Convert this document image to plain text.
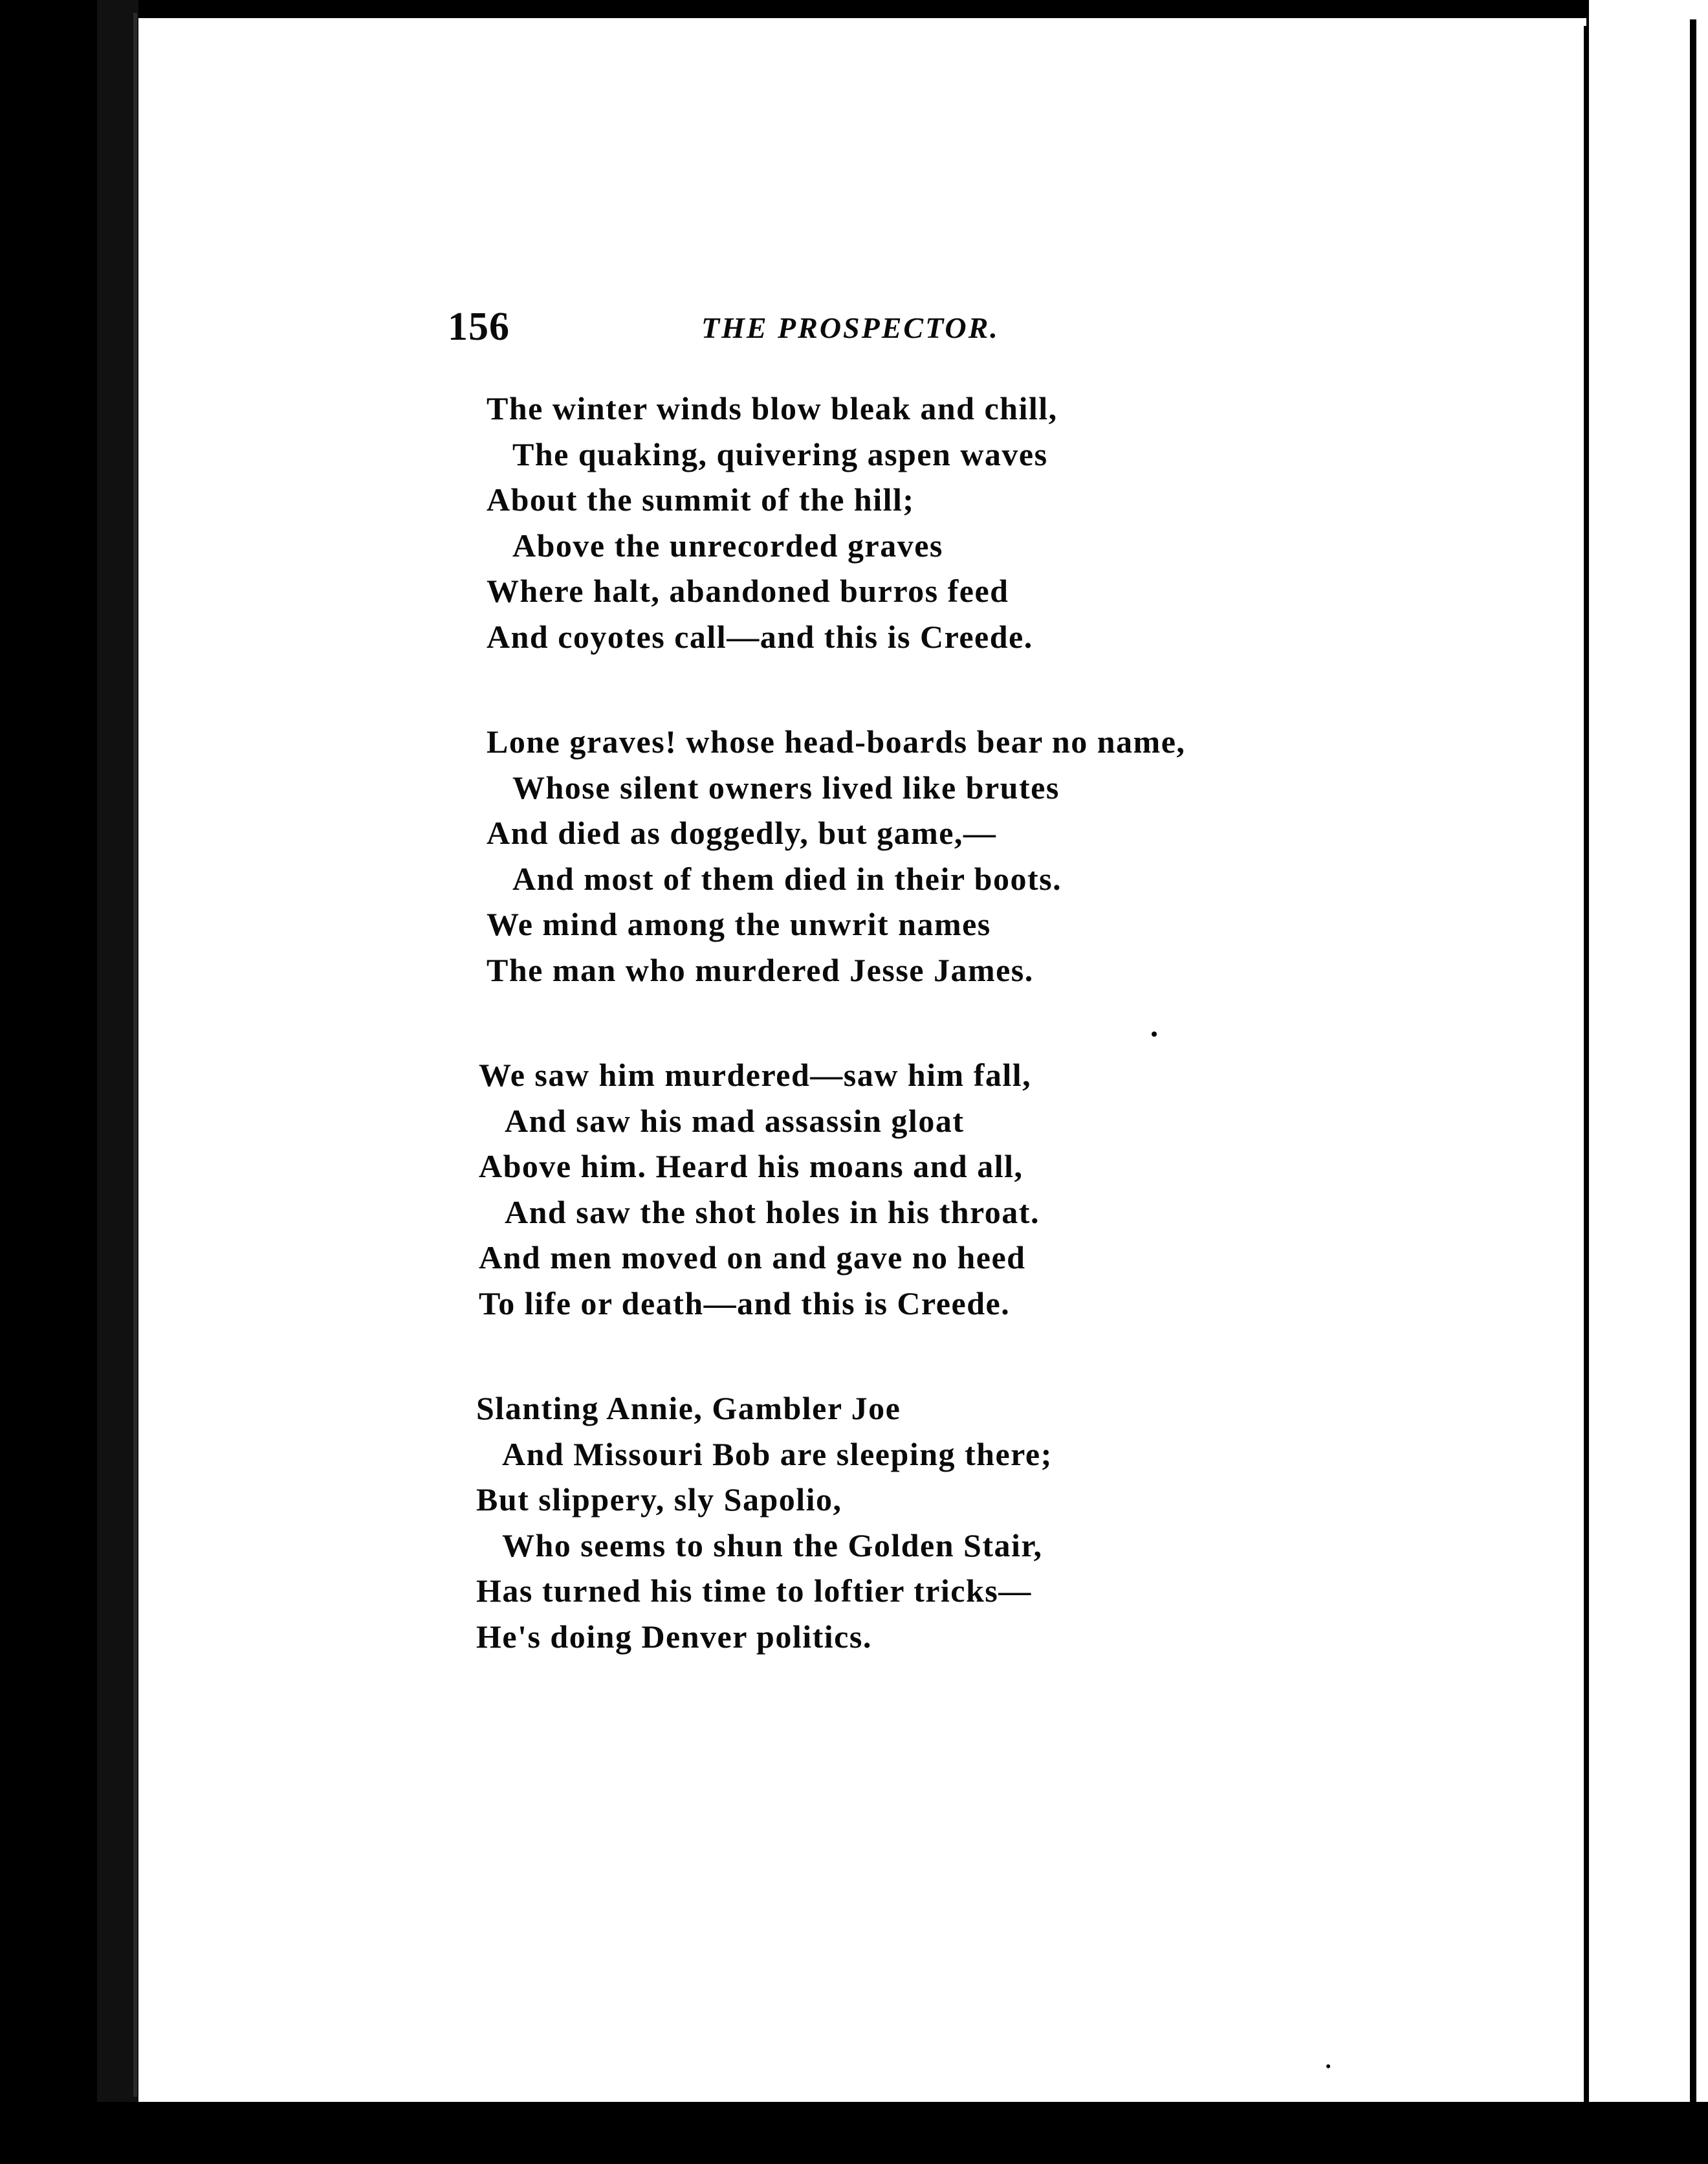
156	THE PROSPECTOR.
The winter winds blow bleak and chill,
The quaking, quivering aspen waves
About the summit of the hill;
Above the unrecorded graves
Where halt, abandoned burros feed
And coyotes call—and this is Creede.
Lone graves! whose head-boards bear no name,
Whose silent owners lived like brutes
And died as doggedly, but game,—
And most of them died in their boots.
We mind among the unwrit names
The man who murdered Jesse James.
We saw him murdered—saw him fall,
And saw his mad assassin gloat
Above him. Heard his moans and all,
And saw the shot holes in his throat.
And men moved on and gave no heed
To life or death—and this is Creede.
Slanting Annie, Gambler Joe
And Missouri Bob are sleeping there;
But slippery, sly Sapolio,
Who seems to shun the Golden Stair,
Has turned his time to loftier tricks—
He's doing Denver politics.
